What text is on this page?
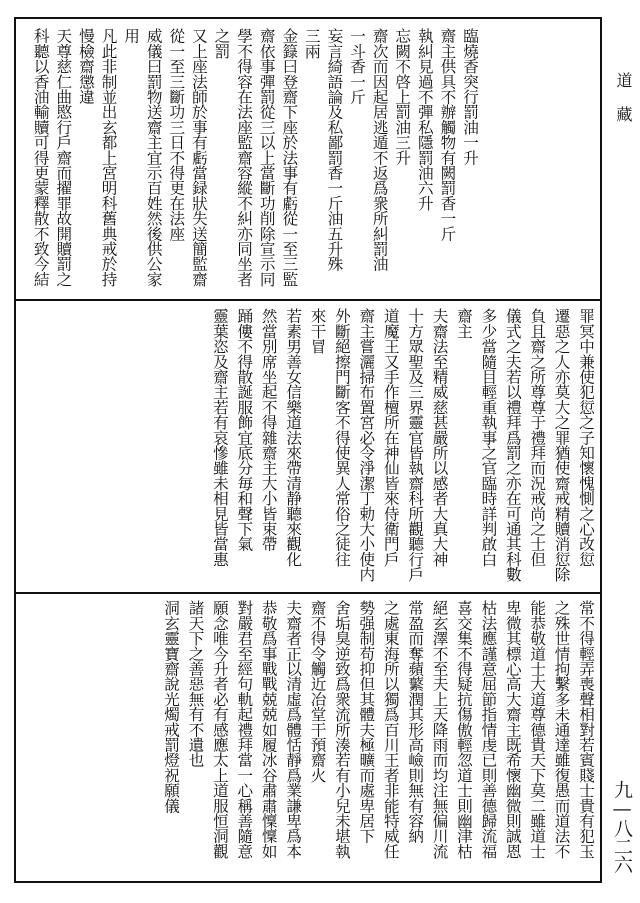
道藏
九—八二六
臨燒香突行罰油一升
齋主供具不辦觸物有闕罰香一斤
執糾見過不彈私隱罰油六升
忘闕不啓上罰油三升
齋次而因起居逃遁不返爲衆所糾罰油
一斗香一斤
妄言綺語論及私鄙罰香一斤油五升殊
三兩
金籙曰登齋下座於法事有虧從一至三監
齋依事彈罰從三以上當斷功削除宣示同
學不得容在法座監齋容縱不糾亦同坐者
之罰
又上座法師於事有虧當録狀失送簡監齋
從一至三斷功三日不得更在法座
威儀曰罰物送齋主宜示百姓然後供公家
用
凡此非制並出玄都上宮明科舊典戒於持
慢檢齋懲違
天尊慈仁曲愍行戶齋而擢罪故開贖罰之
科聽以香油輸贖可得更蒙釋散不致今結
罪冥中兼使犯愆之子知懷愧惻之心改愆
遷惡之人亦莫大之罪猶使齋戒精贖消愆除
負且齋之所尊尊于禮拜而況戒尚之士但
儀式之夫若以禮拜爲罰之亦在可通其科數
多少當隨目輕重執事之官臨時詳判啟白
齋主
夫齋法至精威慈甚嚴所以感者大真大神
十方眾聖及三界靈官皆執齋科所觀聽行戶
道魔王又手作檀所在神仙皆來侍衛門戶
齋主嘗灑掃布置宮必令淨潔丁勅大小使内
外斷絕擦門斷客不得使異人常俗之徒往
來干冒
若素男善女信樂道法來帶清静聽來觀化
然當別席坐起不得雜齋主大小皆束帶
踊僂不得散誕服飾宜底分毎和聲下氣
靈葉恣及齋主若有哀慘雖未相見皆當惠
常不得輕弄喪聲相對若賓賤士貴有犯玉
之殊世情拘繫多未通達雖復愚而道法不
能恭敬道士大道尊德貴天下莫二雖道士
卑微其標心高大齋主既希懷幽微則誠恩
枯法應謹意屈節指情虔已則善德歸流福
喜交集不得疑抗傷傲輕忽道士則幽津枯
絕玄澤不至夫上天降雨而均注無偏川流
常盈而奪蘋蘩潤其形高嶮則無有容納
之處東海所以獨爲百川王者非能特威任
勢强制苟抑但其體夫極曠而處卑居下
舍垢臭逆致爲衆流所湊若有小兒未堪執
齋不得令觸近冶堂干預齋火
夫齋者正以清虛爲體恬靜爲業謙卑爲本
恭敬爲事戰戰兢兢如履冰谷肅肅懍懍如
對嚴君至經句軌起禮拜當一心稱善隨意
願念唯今升者必有感應太上道服恒洞觀
諸天下之善惡無有不遺也
洞玄靈寶齋說光燭戒罰燈祝願儀
